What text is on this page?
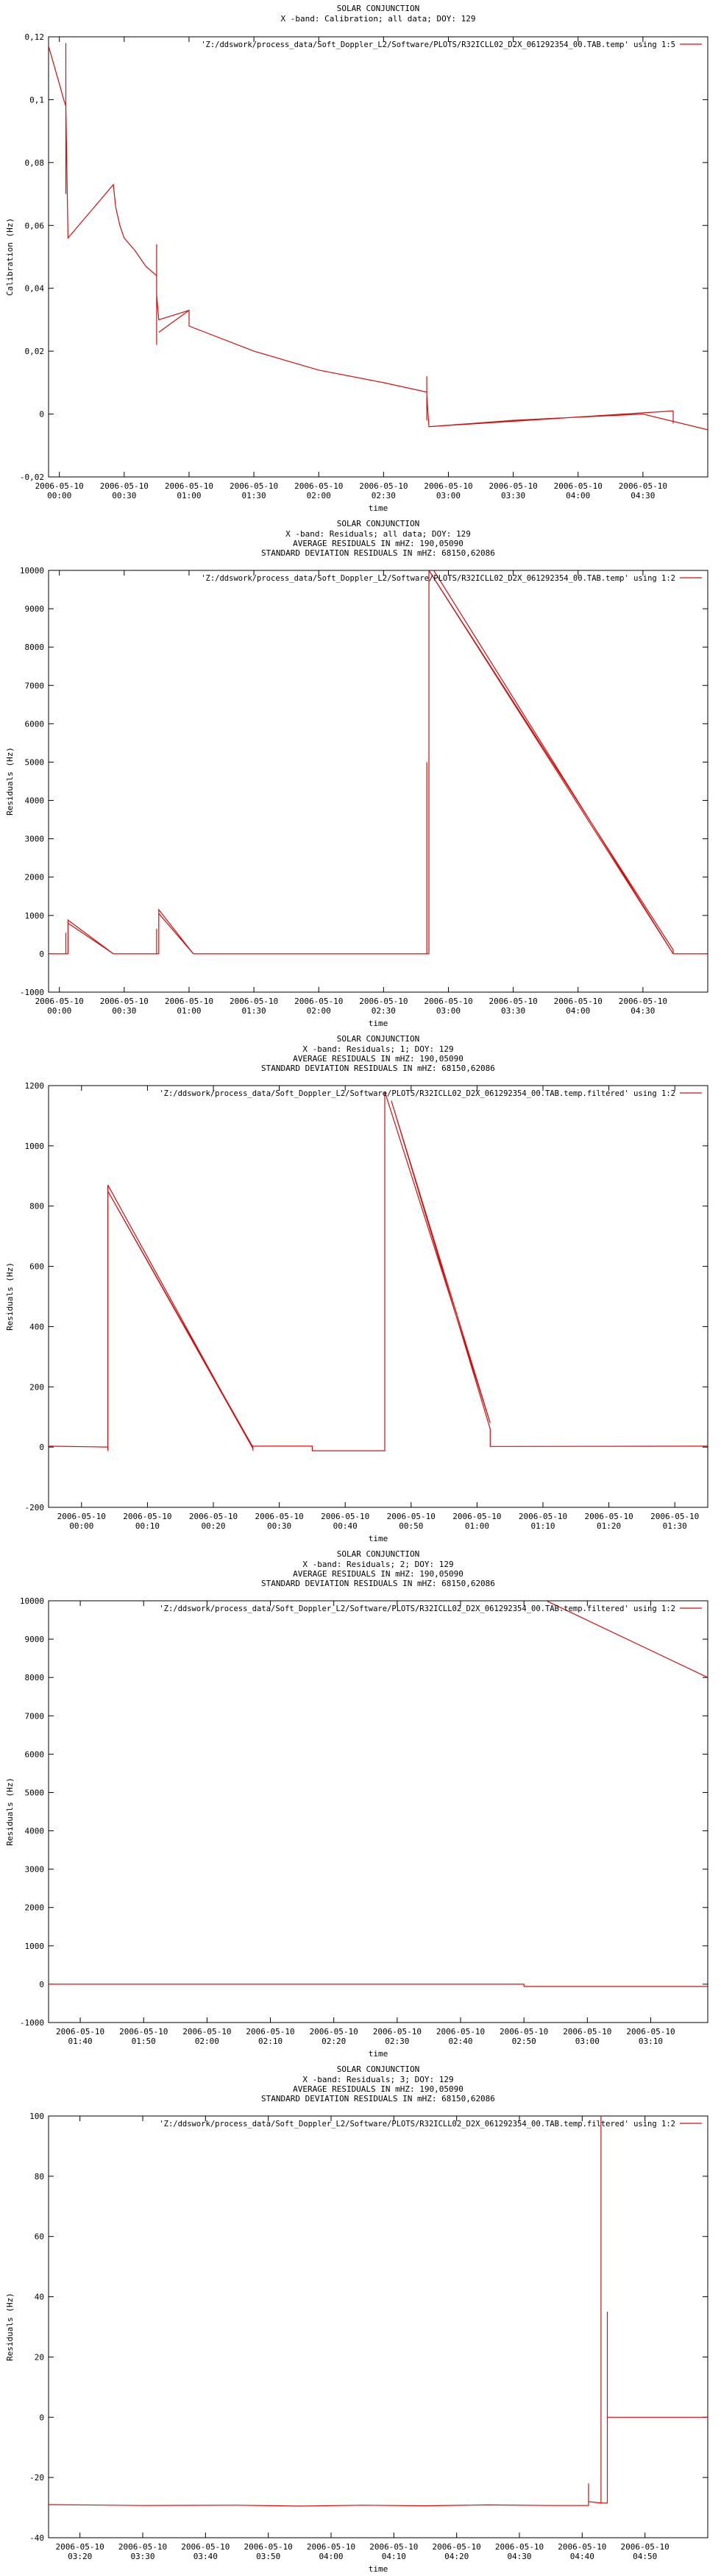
SOLAR CONJUNCTION
X -band: Calibration; all data; DOY: 129
-0,02
0
0,02
0,04
0,06
0,08
0,1
0,12
2006-05-10
00:00
2006-05-10
00:30
2006-05-10
01:00
2006-05-10
01:30
2006-05-10
02:00
2006-05-10
02:30
2006-05-10
03:00
2006-05-10
03:30
2006-05-10
04:00
2006-05-10
04:30
time
Calibration (Hz)
'Z:/ddswork/process_data/Soft_Doppler_L2/Software/PLOTS/R32ICLL02_D2X_061292354_00.TAB.temp' using 1:5
SOLAR CONJUNCTION
X -band: Residuals; all data; DOY: 129
AVERAGE RESIDUALS IN mHZ: 190,05090
STANDARD DEVIATION RESIDUALS IN mHZ: 68150,62086
-1000
0
1000
2000
3000
4000
5000
6000
7000
8000
9000
10000
2006-05-10
00:00
2006-05-10
00:30
2006-05-10
01:00
2006-05-10
01:30
2006-05-10
02:00
2006-05-10
02:30
2006-05-10
03:00
2006-05-10
03:30
2006-05-10
04:00
2006-05-10
04:30
time
Residuals (Hz)
'Z:/ddswork/process_data/Soft_Doppler_L2/Software/PLOTS/R32ICLL02_D2X_061292354_00.TAB.temp' using 1:2
SOLAR CONJUNCTION
X -band: Residuals; 1; DOY: 129
AVERAGE RESIDUALS IN mHZ: 190,05090
STANDARD DEVIATION RESIDUALS IN mHZ: 68150,62086
-200
0
200
400
600
800
1000
1200
2006-05-10
00:00
2006-05-10
00:10
2006-05-10
00:20
2006-05-10
00:30
2006-05-10
00:40
2006-05-10
00:50
2006-05-10
01:00
2006-05-10
01:10
2006-05-10
01:20
2006-05-10
01:30
time
Residuals (Hz)
'Z:/ddswork/process_data/Soft_Doppler_L2/Software/PLOTS/R32ICLL02_D2X_061292354_00.TAB.temp.filtered' using 1:2
SOLAR CONJUNCTION
X -band: Residuals; 2; DOY: 129
AVERAGE RESIDUALS IN mHZ: 190,05090
STANDARD DEVIATION RESIDUALS IN mHZ: 68150,62086
-1000
0
1000
2000
3000
4000
5000
6000
7000
8000
9000
10000
2006-05-10
01:40
2006-05-10
01:50
2006-05-10
02:00
2006-05-10
02:10
2006-05-10
02:20
2006-05-10
02:30
2006-05-10
02:40
2006-05-10
02:50
2006-05-10
03:00
2006-05-10
03:10
time
Residuals (Hz)
'Z:/ddswork/process_data/Soft_Doppler_L2/Software/PLOTS/R32ICLL02_D2X_061292354_00.TAB.temp.filtered' using 1:2
SOLAR CONJUNCTION
X -band: Residuals; 3; DOY: 129
AVERAGE RESIDUALS IN mHZ: 190,05090
STANDARD DEVIATION RESIDUALS IN mHZ: 68150,62086
-40
-20
0
20
40
60
80
100
2006-05-10
03:20
2006-05-10
03:30
2006-05-10
03:40
2006-05-10
03:50
2006-05-10
04:00
2006-05-10
04:10
2006-05-10
04:20
2006-05-10
04:30
2006-05-10
04:40
2006-05-10
04:50
time
Residuals (Hz)
'Z:/ddswork/process_data/Soft_Doppler_L2/Software/PLOTS/R32ICLL02_D2X_061292354_00.TAB.temp.filtered' using 1:2
